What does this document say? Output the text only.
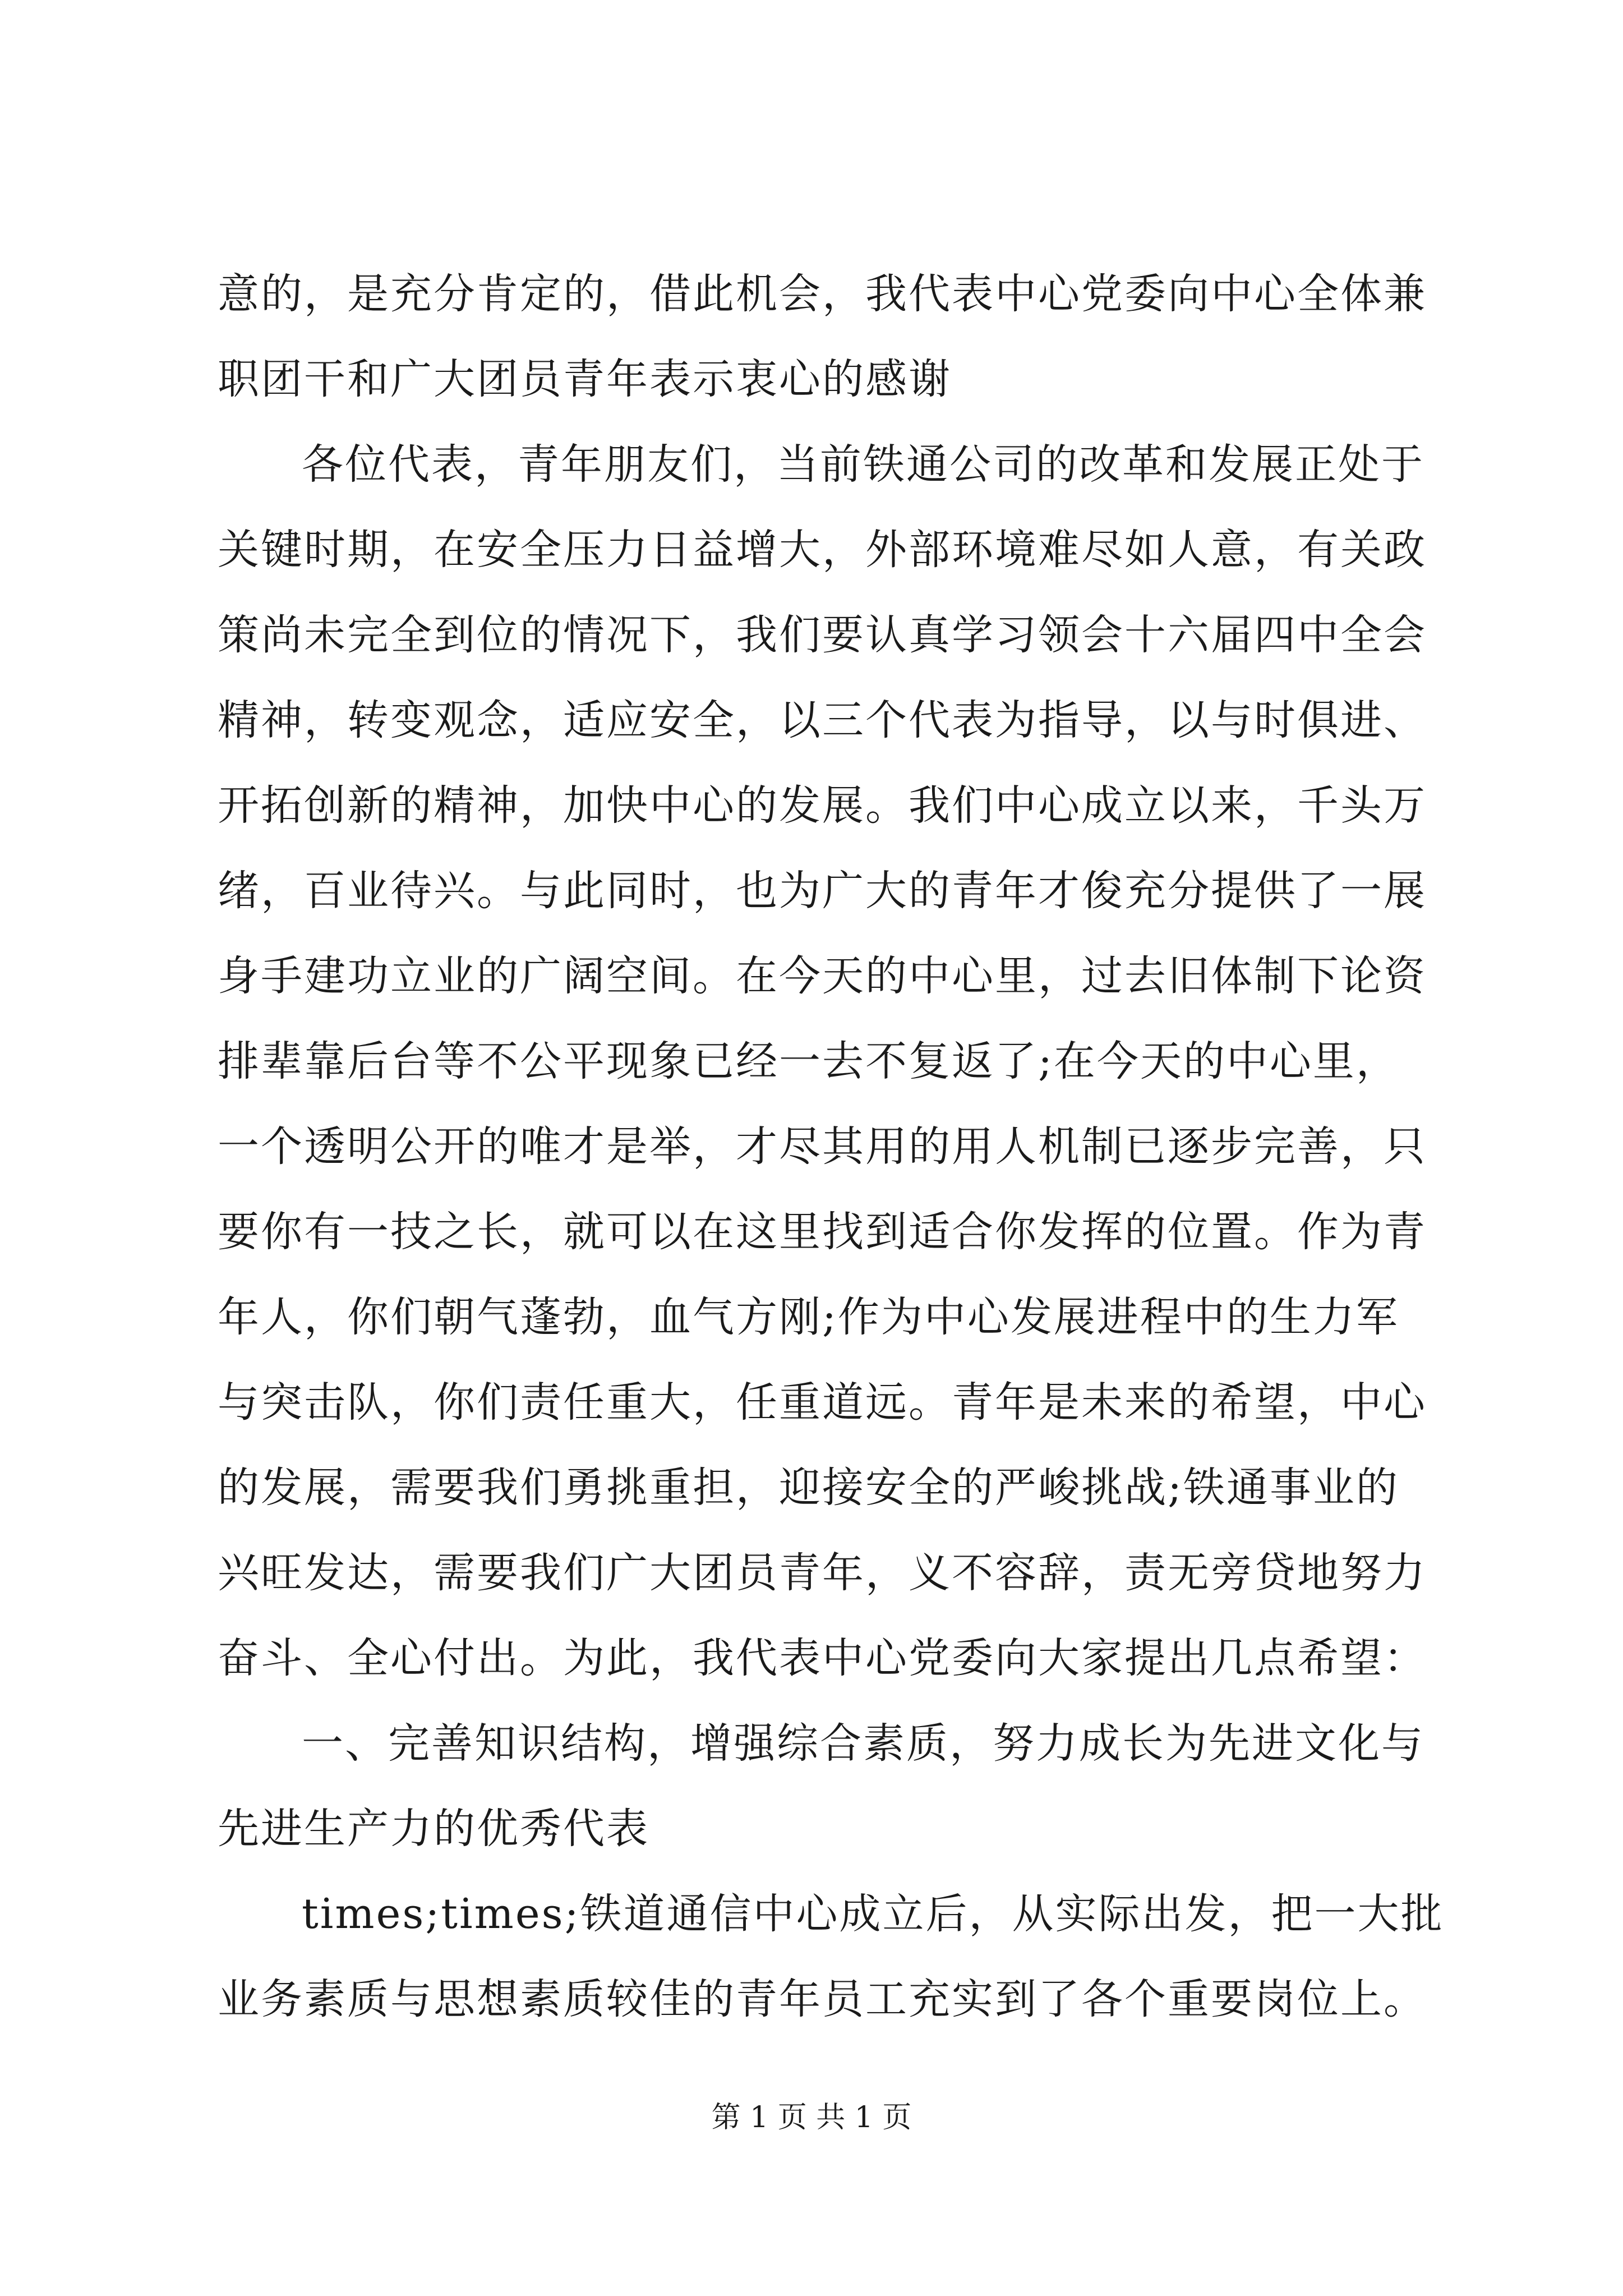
意的，是充分肯定的，借此机会，我代表中心党委向中心全体兼
职团干和广大团员青年表示衷心的感谢
各位代表，青年朋友们，当前铁通公司的改革和发展正处于
关键时期，在安全压力日益增大，外部环境难尽如人意，有关政
策尚未完全到位的情况下，我们要认真学习领会十六届四中全会
精神，转变观念，适应安全，以三个代表为指导，以与时俱进、
开拓创新的精神，加快中心的发展。我们中心成立以来，千头万
绪，百业待兴。与此同时，也为广大的青年才俊充分提供了一展
身手建功立业的广阔空间。在今天的中心里，过去旧体制下论资
排辈靠后台等不公平现象已经一去不复返了;在今天的中心里，
一个透明公开的唯才是举，才尽其用的用人机制已逐步完善，只
要你有一技之长，就可以在这里找到适合你发挥的位置。作为青
年人，你们朝气蓬勃，血气方刚;作为中心发展进程中的生力军
与突击队，你们责任重大，任重道远。青年是未来的希望，中心
的发展，需要我们勇挑重担，迎接安全的严峻挑战;铁通事业的
兴旺发达，需要我们广大团员青年，义不容辞，责无旁贷地努力
奋斗、全心付出。为此，我代表中心党委向大家提出几点希望：
一、完善知识结构，增强综合素质，努力成长为先进文化与
先进生产力的优秀代表
times;times;铁道通信中心成立后，从实际出发，把一大批
业务素质与思想素质较佳的青年员工充实到了各个重要岗位上。
第 1 页 共 1 页
